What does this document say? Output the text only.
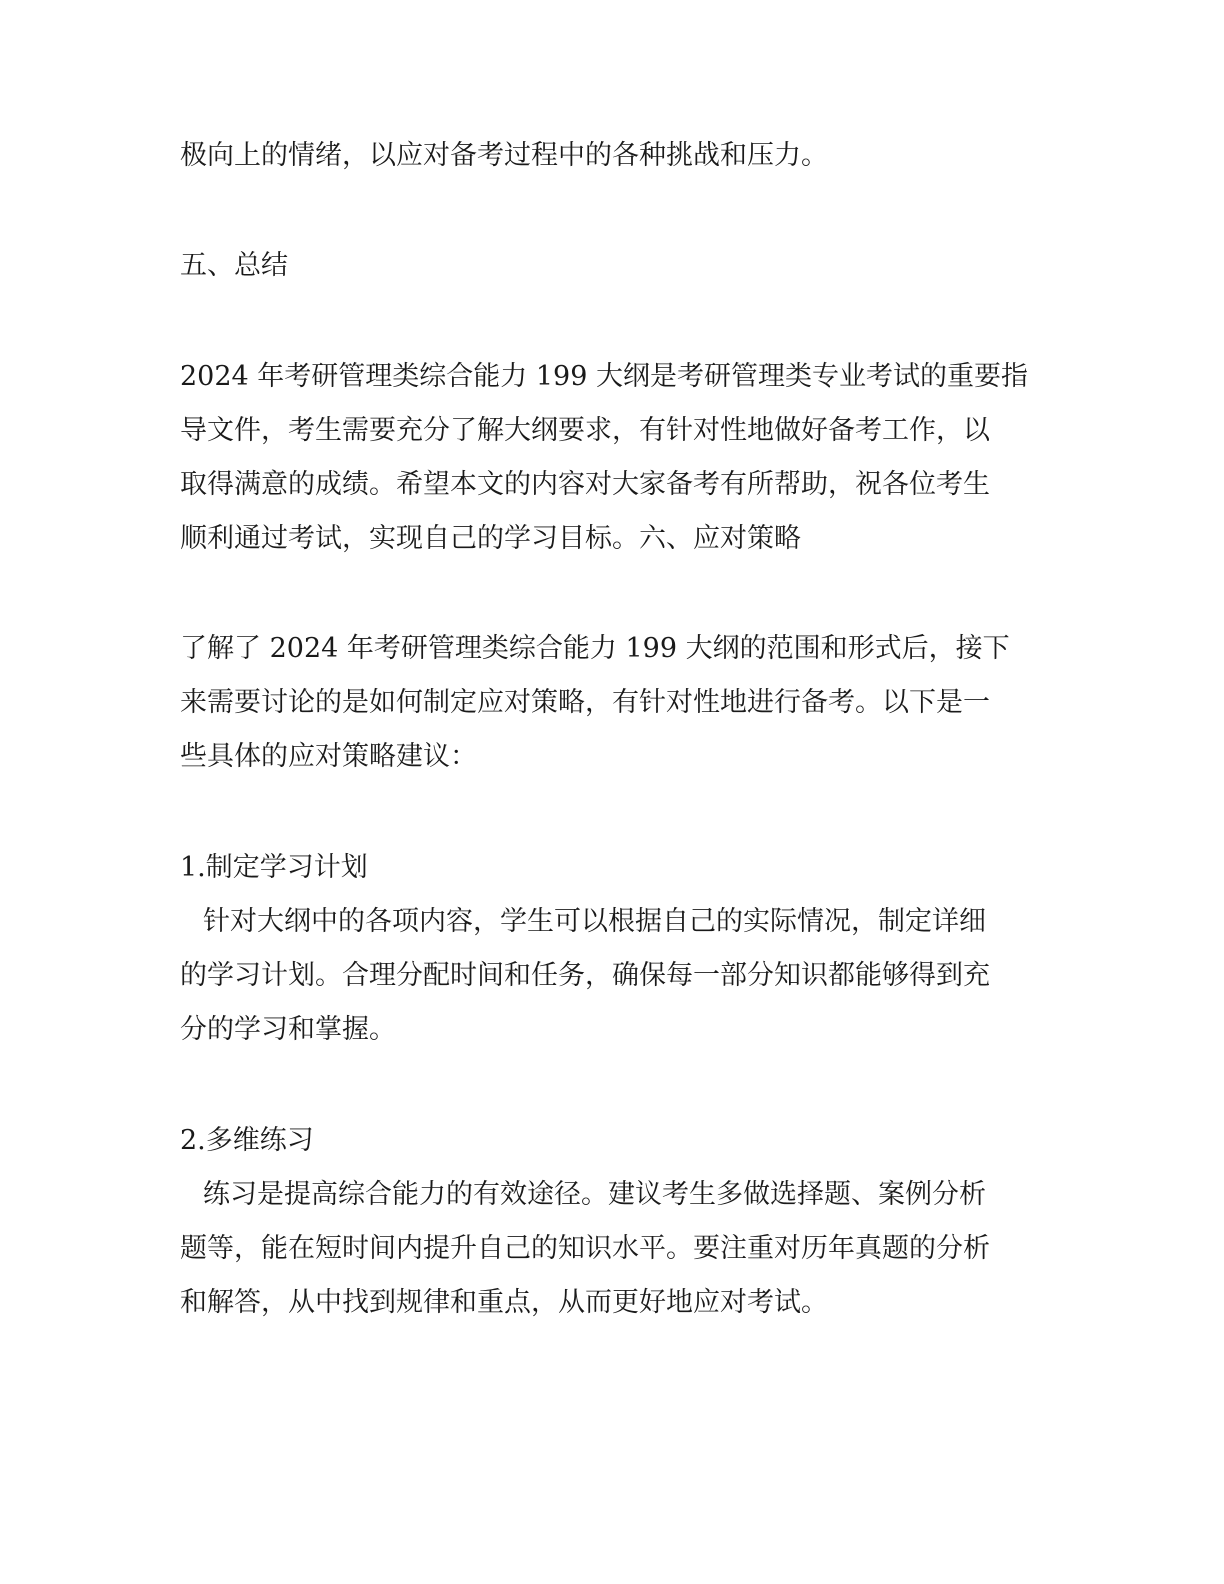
极向上的情绪，以应对备考过程中的各种挑战和压力。
五、总结
2024 年考研管理类综合能力 199 大纲是考研管理类专业考试的重要指
导文件，考生需要充分了解大纲要求，有针对性地做好备考工作，以
取得满意的成绩。希望本文的内容对大家备考有所帮助，祝各位考生
顺利通过考试，实现自己的学习目标。六、应对策略
了解了 2024 年考研管理类综合能力 199 大纲的范围和形式后，接下
来需要讨论的是如何制定应对策略，有针对性地进行备考。以下是一
些具体的应对策略建议：
1.制定学习计划
针对大纲中的各项内容，学生可以根据自己的实际情况，制定详细
的学习计划。合理分配时间和任务，确保每一部分知识都能够得到充
分的学习和掌握。
2.多维练习
练习是提高综合能力的有效途径。建议考生多做选择题、案例分析
题等，能在短时间内提升自己的知识水平。要注重对历年真题的分析
和解答，从中找到规律和重点，从而更好地应对考试。
